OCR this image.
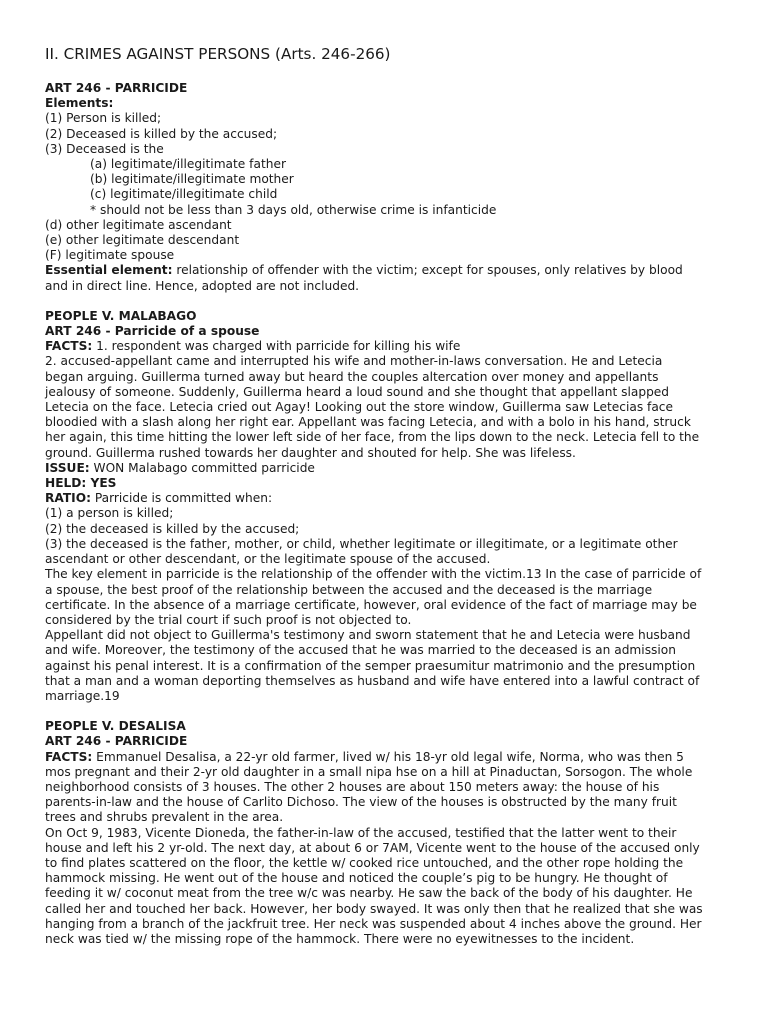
II. CRIMES AGAINST PERSONS (Arts. 246-266)
ART 246 - PARRICIDE
Elements:
(1) Person is killed;
(2) Deceased is killed by the accused;
(3) Deceased is the
(a) legitimate/illegitimate father
(b) legitimate/illegitimate mother
(c) legitimate/illegitimate child
* should not be less than 3 days old, otherwise crime is infanticide
(d) other legitimate ascendant
(e) other legitimate descendant
(F) legitimate spouse
Essential element: relationship of offender with the victim; except for spouses, only relatives by blood
and in direct line. Hence, adopted are not included.
PEOPLE V. MALABAGO
ART 246 - Parricide of a spouse
FACTS: 1. respondent was charged with parricide for killing his wife
2. accused-appellant came and interrupted his wife and mother-in-laws conversation. He and Letecia
began arguing. Guillerma turned away but heard the couples altercation over money and appellants
jealousy of someone. Suddenly, Guillerma heard a loud sound and she thought that appellant slapped
Letecia on the face. Letecia cried out Agay! Looking out the store window, Guillerma saw Letecias face
bloodied with a slash along her right ear. Appellant was facing Letecia, and with a bolo in his hand, struck
her again, this time hitting the lower left side of her face, from the lips down to the neck. Letecia fell to the
ground. Guillerma rushed towards her daughter and shouted for help. She was lifeless.
ISSUE: WON Malabago committed parricide
HELD: YES
RATIO: Parricide is committed when:
(1) a person is killed;
(2) the deceased is killed by the accused;
(3) the deceased is the father, mother, or child, whether legitimate or illegitimate, or a legitimate other
ascendant or other descendant, or the legitimate spouse of the accused.
The key element in parricide is the relationship of the offender with the victim.13 In the case of parricide of
a spouse, the best proof of the relationship between the accused and the deceased is the marriage
certificate. In the absence of a marriage certificate, however, oral evidence of the fact of marriage may be
considered by the trial court if such proof is not objected to.
Appellant did not object to Guillerma's testimony and sworn statement that he and Letecia were husband
and wife. Moreover, the testimony of the accused that he was married to the deceased is an admission
against his penal interest. It is a confirmation of the semper praesumitur matrimonio and the presumption
that a man and a woman deporting themselves as husband and wife have entered into a lawful contract of
marriage.19
PEOPLE V. DESALISA
ART 246 - PARRICIDE
FACTS: Emmanuel Desalisa, a 22-yr old farmer, lived w/ his 18-yr old legal wife, Norma, who was then 5
mos pregnant and their 2-yr old daughter in a small nipa hse on a hill at Pinaductan, Sorsogon. The whole
neighborhood consists of 3 houses. The other 2 houses are about 150 meters away: the house of his
parents-in-law and the house of Carlito Dichoso. The view of the houses is obstructed by the many fruit
trees and shrubs prevalent in the area.
On Oct 9, 1983, Vicente Dioneda, the father-in-law of the accused, testified that the latter went to their
house and left his 2 yr-old. The next day, at about 6 or 7AM, Vicente went to the house of the accused only
to find plates scattered on the floor, the kettle w/ cooked rice untouched, and the other rope holding the
hammock missing. He went out of the house and noticed the couple’s pig to be hungry. He thought of
feeding it w/ coconut meat from the tree w/c was nearby. He saw the back of the body of his daughter. He
called her and touched her back. However, her body swayed. It was only then that he realized that she was
hanging from a branch of the jackfruit tree. Her neck was suspended about 4 inches above the ground. Her
neck was tied w/ the missing rope of the hammock. There were no eyewitnesses to the incident.
